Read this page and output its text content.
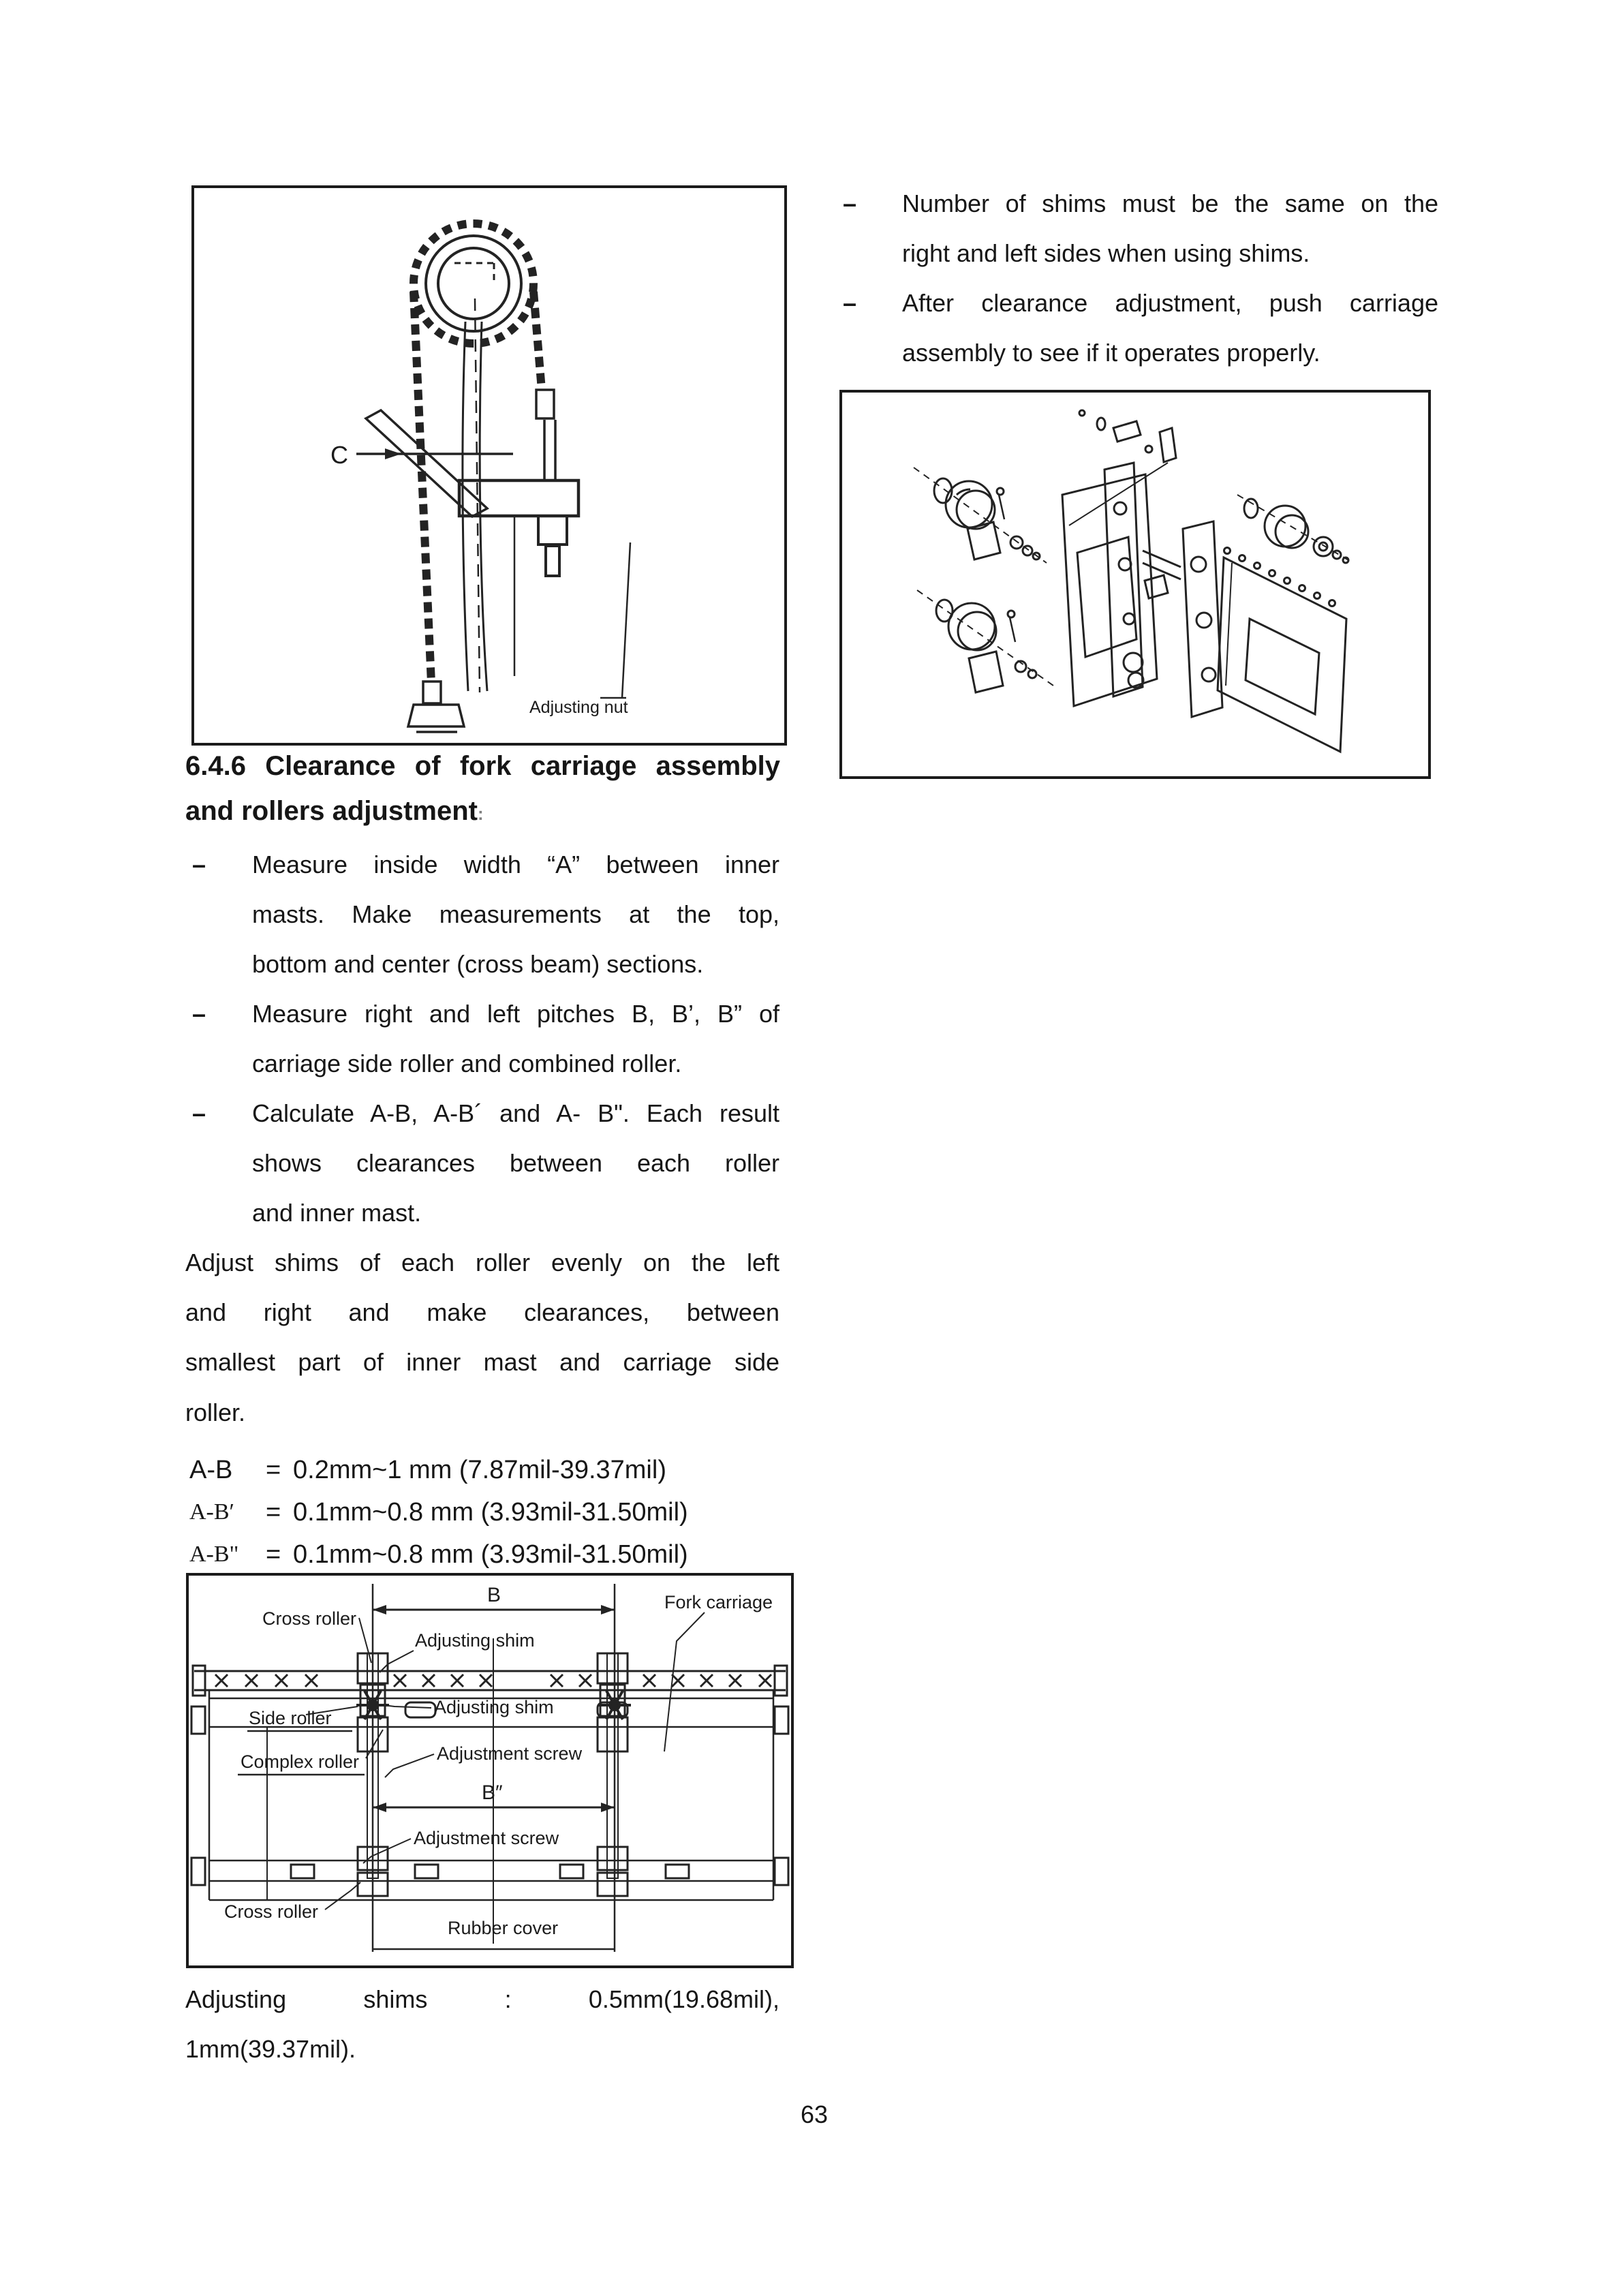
C
Adjusting nut
– Number of shims must be the same on the
right and left sides when using shims.
– After clearance adjustment, push carriage
assembly to see if it operates properly.
6.4.6 Clearance of fork carriage assembly
and rollers adjustment:
– Measure inside width “A” between inner
masts. Make measurements at the top,
bottom and center (cross beam) sections.
– Measure right and left pitches B, B’, B” of
carriage side roller and combined roller.
– Calculate A-B, A-B´ and A- B". Each result
shows clearances between each roller
and inner mast.
Adjust shims of each roller evenly on the left
and right and make clearances, between
smallest part of inner mast and carriage side
roller.
A-B = 0.2mm~1 mm (7.87mil-39.37mil)
A-B′ = 0.1mm~0.8 mm (3.93mil-31.50mil)
A-B" = 0.1mm~0.8 mm (3.93mil-31.50mil)
B	Fork carriage
Cross roller
Adjusting shim
Side roller
Adjusting shim
Complex roller	Adjustment screw
B″
Adjustment screw
Cross roller
Rubber cover
Adjusting	shims	:	0.5mm(19.68mil),
1mm(39.37mil).
63
